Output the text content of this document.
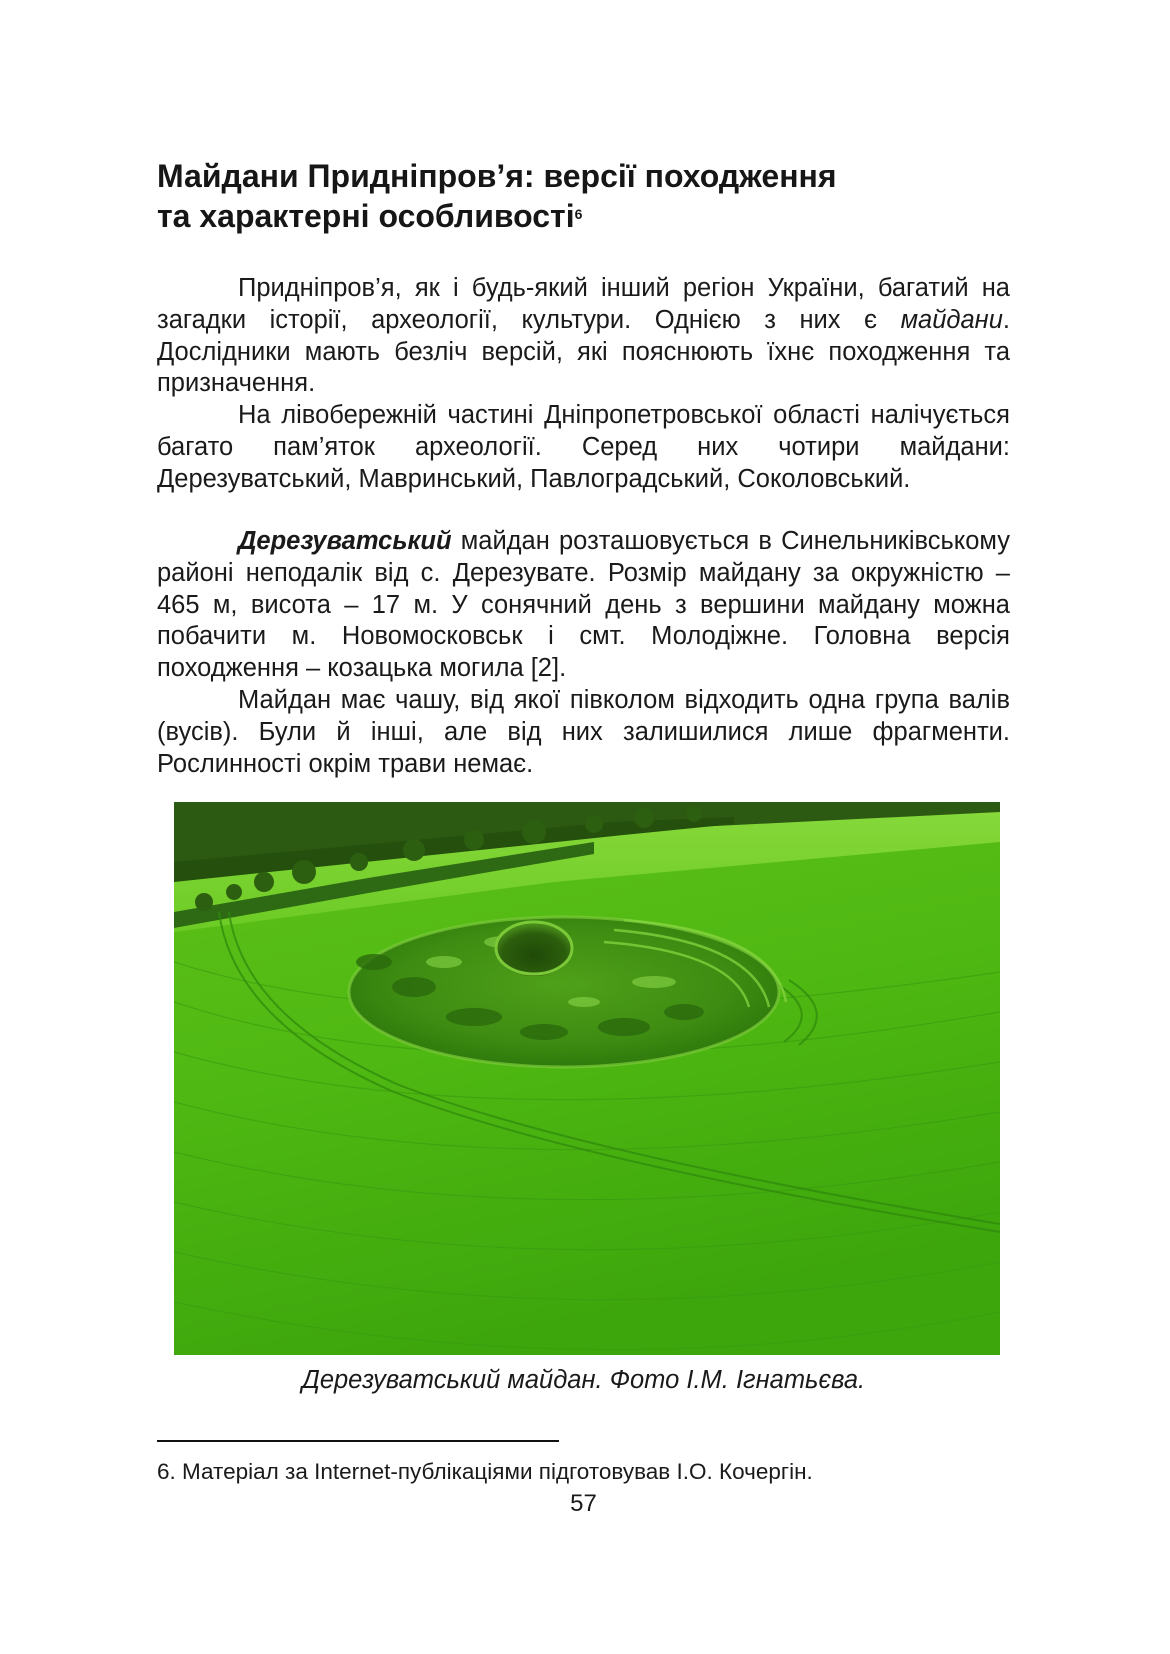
Майдани Придніпров’я: версії походження
та характерні особливості$^6$

Придніпров’я, як і будь-який інший регіон України, багатий на загадки історії, археології, культури. Однією з них є майдани. Дослідники мають безліч версій, які пояснюють їхнє походження та призначення.

На лівобережній частині Дніпропетровської області налічується багато пам’яток археології. Серед них чотири майдани: Дерезуватський, Мавринський, Павлоградський, Соколовський.

Дерезуватський майдан розташовується в Синельниківському районі неподалік від с. Дерезувате. Розмір майдану за окружністю – 465 м, висота – 17 м. У сонячний день з вершини майдану можна побачити м. Новомосковськ і смт. Молодіжне. Головна версія походження – козацька могила [2].

Майдан має чашу, від якої півколом відходить одна група валів (вусів). Були й інші, але від них залишилися лише фрагменти. Рослинності окрім трави немає.

Дерезуватський майдан. Фото І.М. Ігнатьєва.

6. Матеріал за Internet-публікаціями підготовував І.О. Кочергін.

57
